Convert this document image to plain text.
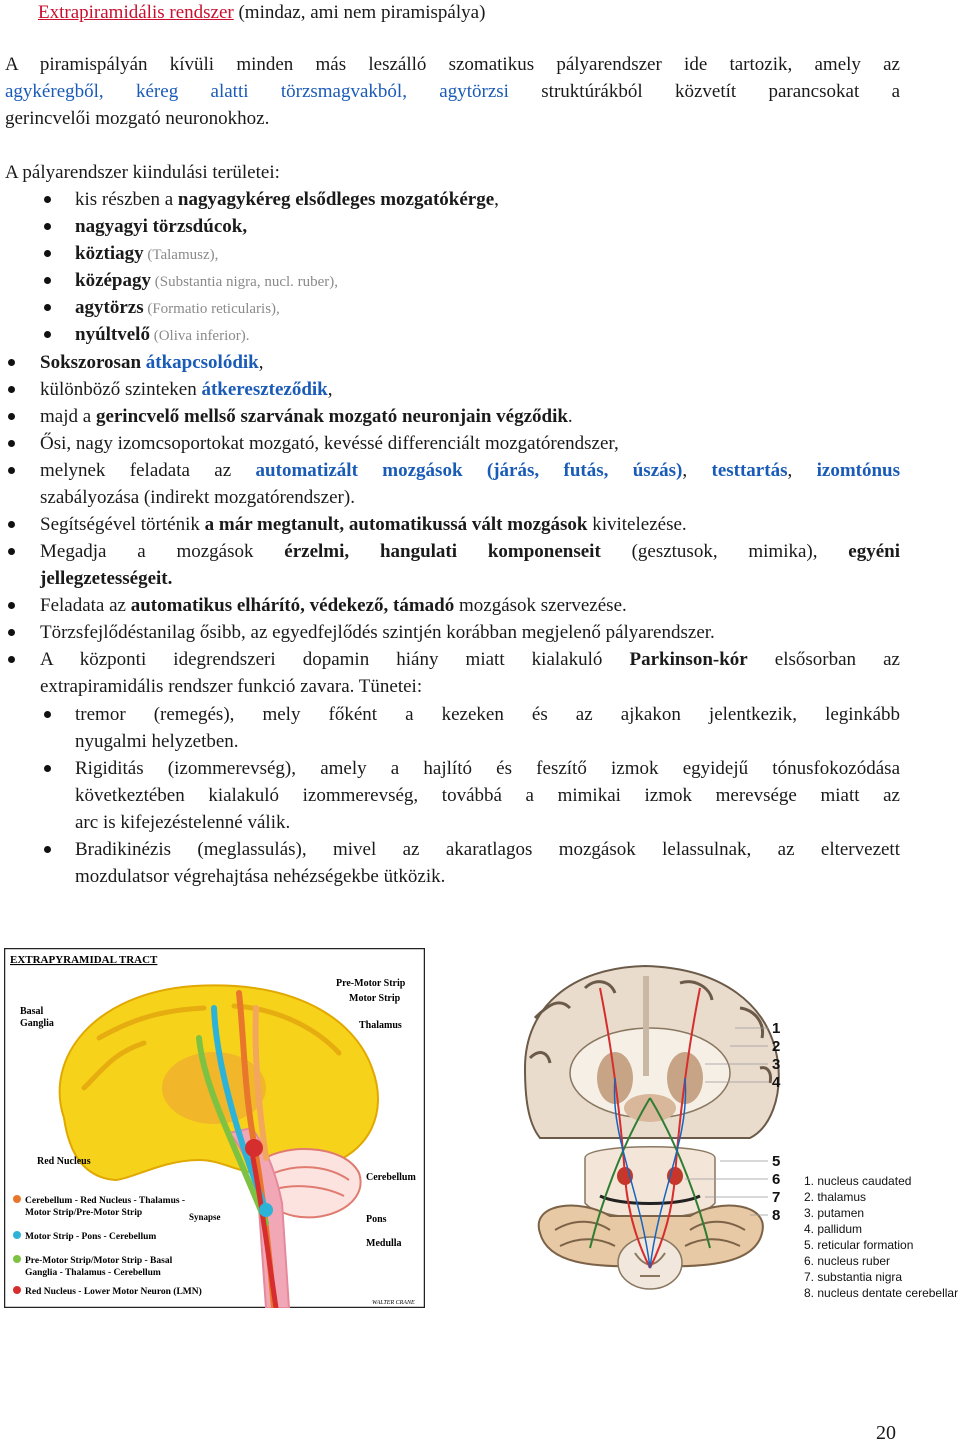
Extrapiramidális rendszer (mindaz, ami nem piramispálya)
A piramispályán kívüli minden más leszálló szomatikus pályarendszer ide tartozik, amely az
agykéregből, kéreg alatti törzsmagvakból, agytörzsi struktúrákból közvetít parancsokat a
gerincvelői mozgató neuronokhoz.
A pályarendszer kiindulási területei:
kis részben a nagyagykéreg elsődleges mozgatókérge,
nagyagyi törzsdúcok,
köztiagy (Talamusz),
középagy (Substantia nigra, nucl. ruber),
agytörzs (Formatio reticularis),
nyúltvelő (Oliva inferior).
Sokszorosan átkapcsolódik,
különböző szinteken átkereszteződik,
majd a gerincvelő mellső szarvának mozgató neuronjain végződik.
Ősi, nagy izomcsoportokat mozgató, kevéssé differenciált mozgatórendszer,
melynek feladata az automatizált mozgások (járás, futás, úszás), testtartás, izomtónus
szabályozása (indirekt mozgatórendszer).
Segítségével történik a már megtanult, automatikussá vált mozgások kivitelezése.
Megadja a mozgások érzelmi, hangulati komponenseit (gesztusok, mimika), egyéni
jellegzetességeit.
Feladata az automatikus elhárító, védekező, támadó mozgások szervezése.
Törzsfejlődéstanilag ősibb, az egyedfejlődés szintjén korábban megjelenő pályarendszer.
A központi idegrendszeri dopamin hiány miatt kialakuló Parkinson-kór elsősorban az
extrapiramidális rendszer funkció zavara. Tünetei:
tremor (remegés), mely főként a kezeken és az ajkakon jelentkezik, leginkább
nyugalmi helyzetben.
Rigiditás (izommerevség), amely a hajlító és feszítő izmok egyidejű tónusfokozódása
következtében kialakuló izommerevség, továbbá a mimikai izmok merevsége miatt az
arc is kifejezéstelenné válik.
Bradikinézis (meglassulás), mivel az akaratlagos mozgások lelassulnak, az eltervezett
mozdulatsor végrehajtása nehézségekbe ütközik.
EXTRAPYRAMIDAL TRACT
Basal
Ganglia
Pre-Motor Strip
Motor Strip
Thalamus
Red Nucleus
Cerebellum
Synapse	Pons
Medulla
WALTER CRANE
Cerebellum - Red Nucleus - Thalamus -
Motor Strip/Pre-Motor Strip
Motor Strip - Pons - Cerebellum
Pre-Motor Strip/Motor Strip - Basal
Ganglia - Thalamus - Cerebellum
Red Nucleus - Lower Motor Neuron (LMN)
1
2
3
4
5
6
7
8
1. nucleus caudated
2. thalamus
3. putamen
4. pallidum
5. reticular formation
6. nucleus ruber
7. substantia nigra
8. nucleus dentate cerebellar
20
